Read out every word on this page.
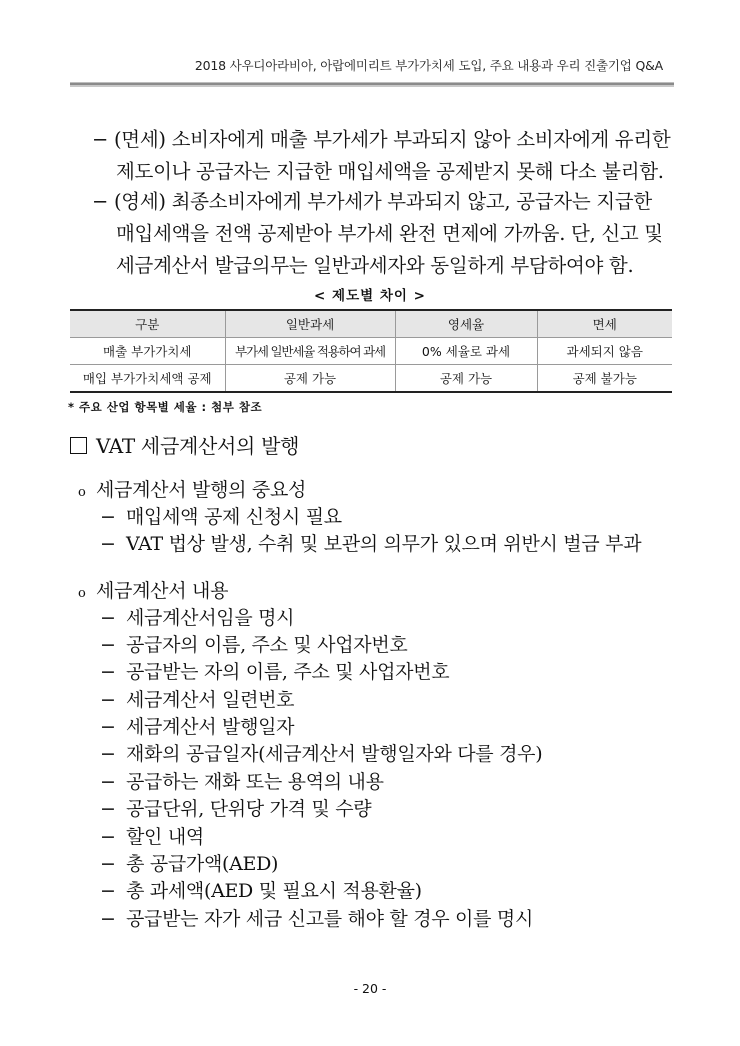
2018 사우디아라비아, 아랍에미리트 부가가치세 도입, 주요 내용과 우리 진출기업 Q&A
− (면세) 소비자에게 매출 부가세가 부과되지 않아 소비자에게 유리한
제도이나 공급자는 지급한 매입세액을 공제받지 못해 다소 불리함.
− (영세) 최종소비자에게 부가세가 부과되지 않고, 공급자는 지급한
매입세액을 전액 공제받아 부가세 완전 면제에 가까움. 단, 신고 및
세금계산서 발급의무는 일반과세자와 동일하게 부담하여야 함.
< 제도별 차이 >
구분	일반과세	영세율	면세
매출 부가가치세	부가세 일반세율 적용하여 과세	0% 세율로 과세	과세되지 않음
매입 부가가치세액 공제	공제 가능	공제 가능	공제 불가능
* 주요 산업 항목별 세율 : 첨부 참조
VAT 세금계산서의 발행
o 세금계산서 발행의 중요성
− 매입세액 공제 신청시 필요
− VAT 법상 발생, 수취 및 보관의 의무가 있으며 위반시 벌금 부과
o 세금계산서 내용
− 세금계산서임을 명시
− 공급자의 이름, 주소 및 사업자번호
− 공급받는 자의 이름, 주소 및 사업자번호
− 세금계산서 일련번호
− 세금계산서 발행일자
− 재화의 공급일자(세금계산서 발행일자와 다를 경우)
− 공급하는 재화 또는 용역의 내용
− 공급단위, 단위당 가격 및 수량
− 할인 내역
− 총 공급가액(AED)
− 총 과세액(AED 및 필요시 적용환율)
− 공급받는 자가 세금 신고를 해야 할 경우 이를 명시
- 20 -
